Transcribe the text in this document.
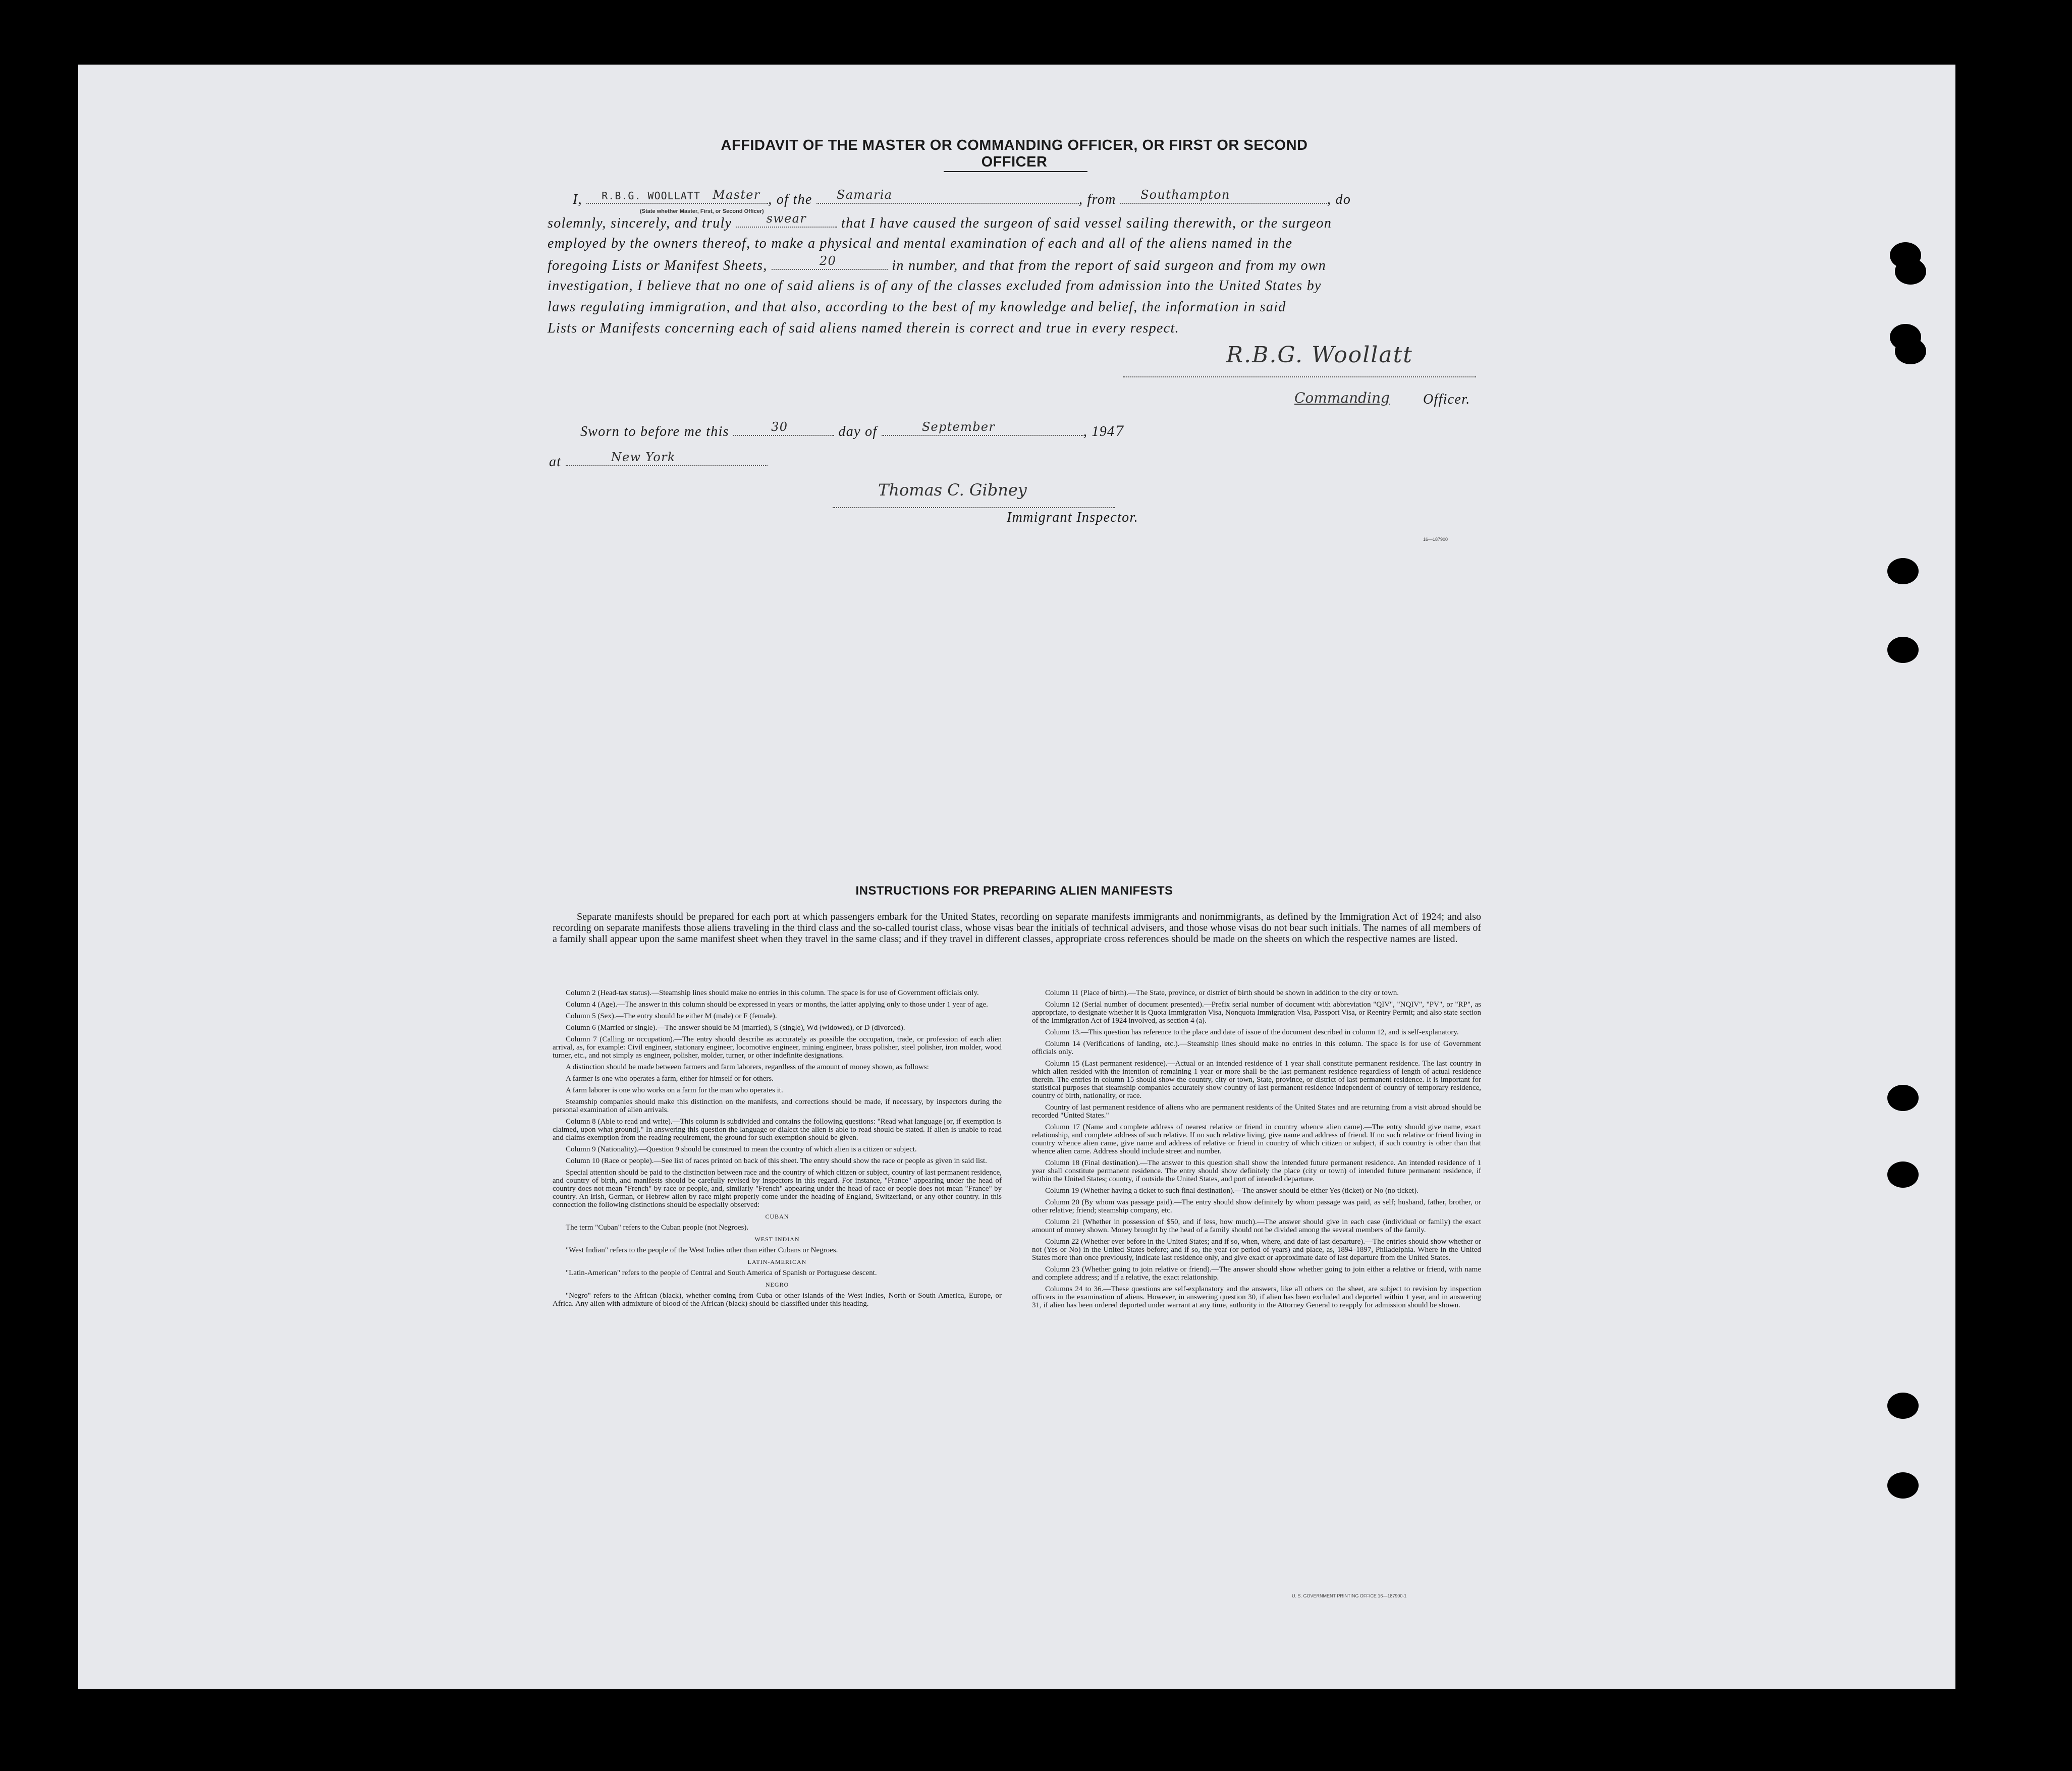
AFFIDAVIT OF THE MASTER OR COMMANDING OFFICER, OR FIRST OR SECOND OFFICER
I, R.B.G. WOOLLATT Master , of the Samaria	, from Southampton	, do
(State whether Master, First, or Second Officer)
solemnly, sincerely, and truly	swear that I have caused the surgeon of said vessel sailing therewith, or the surgeon
employed by the owners thereof, to make a physical and mental examination of each and all of the aliens named in the
foregoing Lists or Manifest Sheets,	20	in number, and that from the report of said surgeon and from my own
investigation, I believe that no one of said aliens is of any of the classes excluded from admission into the United States by
laws regulating immigration, and that also, according to the best of my knowledge and belief, the information in said
Lists or Manifests concerning each of said aliens named therein is correct and true in every respect.
R.B.G. Woollatt
Commanding Officer.
Sworn to before me this	30	day of	September	, 1947
at	New York
Thomas C. Gibney
Immigrant Inspector.
16—187900
INSTRUCTIONS FOR PREPARING ALIEN MANIFESTS
Separate manifests should be prepared for each port at which passengers embark for the United States, recording on separate manifests immigrants and nonimmigrants, as defined by the Immigration Act of 1924; and also recording on separate manifests those aliens traveling in the third class and the so-called tourist class, whose visas bear the initials of technical advisers, and those whose visas do not bear such initials. The names of all members of a family shall appear upon the same manifest sheet when they travel in the same class; and if they travel in different classes, appropriate cross references should be made on the sheets on which the respective names are listed.

Column 2 (Head-tax status).—Steamship lines should make no entries in this column. The space is for use of Government officials only.

Column 4 (Age).—The answer in this column should be expressed in years or months, the latter applying only to those under 1 year of age.

Column 5 (Sex).—The entry should be either M (male) or F (female).

Column 6 (Married or single).—The answer should be M (married), S (single), Wd (widowed), or D (divorced).

Column 7 (Calling or occupation).—The entry should describe as accurately as possible the occupation, trade, or profession of each alien arrival, as, for example: Civil engineer, stationary engineer, locomotive engineer, mining engineer, brass polisher, steel polisher, iron molder, wood turner, etc., and not simply as engineer, polisher, molder, turner, or other indefinite designations.

A distinction should be made between farmers and farm laborers, regardless of the amount of money shown, as follows:

A farmer is one who operates a farm, either for himself or for others.

A farm laborer is one who works on a farm for the man who operates it.

Steamship companies should make this distinction on the manifests, and corrections should be made, if necessary, by inspectors during the personal examination of alien arrivals.

Column 8 (Able to read and write).—This column is subdivided and contains the following questions: "Read what language [or, if exemption is claimed, upon what ground]." In answering this question the language or dialect the alien is able to read should be stated. If alien is unable to read and claims exemption from the reading requirement, the ground for such exemption should be given.

Column 9 (Nationality).—Question 9 should be construed to mean the country of which alien is a citizen or subject.

Column 10 (Race or people).—See list of races printed on back of this sheet. The entry should show the race or people as given in said list.

Special attention should be paid to the distinction between race and the country of which citizen or subject, country of last permanent residence, and country of birth, and manifests should be carefully revised by inspectors in this regard. For instance, "France" appearing under the head of country does not mean "French" by race or people, and, similarly "French" appearing under the head of race or people does not mean "France" by country. An Irish, German, or Hebrew alien by race might properly come under the heading of England, Switzerland, or any other country. In this connection the following distinctions should be especially observed:

CUBAN

The term "Cuban" refers to the Cuban people (not Negroes).

WEST INDIAN

"West Indian" refers to the people of the West Indies other than either Cubans or Negroes.

LATIN-AMERICAN

"Latin-American" refers to the people of Central and South America of Spanish or Portuguese descent.

NEGRO

"Negro" refers to the African (black), whether coming from Cuba or other islands of the West Indies, North or South America, Europe, or Africa. Any alien with admixture of blood of the African (black) should be classified under this heading.

Column 11 (Place of birth).—The State, province, or district of birth should be shown in addition to the city or town.

Column 12 (Serial number of document presented).—Prefix serial number of document with abbreviation "QIV", "NQIV", "PV", or "RP", as appropriate, to designate whether it is Quota Immigration Visa, Nonquota Immigration Visa, Passport Visa, or Reentry Permit; and also state section of the Immigration Act of 1924 involved, as section 4 (a).

Column 13.—This question has reference to the place and date of issue of the document described in column 12, and is self-explanatory.

Column 14 (Verifications of landing, etc.).—Steamship lines should make no entries in this column. The space is for use of Government officials only.

Column 15 (Last permanent residence).—Actual or an intended residence of 1 year shall constitute permanent residence. The last country in which alien resided with the intention of remaining 1 year or more shall be the last permanent residence regardless of length of actual residence therein. The entries in column 15 should show the country, city or town, State, province, or district of last permanent residence. It is important for statistical purposes that steamship companies accurately show country of last permanent residence independent of country of temporary residence, country of birth, nationality, or race.

Country of last permanent residence of aliens who are permanent residents of the United States and are returning from a visit abroad should be recorded "United States."

Column 17 (Name and complete address of nearest relative or friend in country whence alien came).—The entry should give name, exact relationship, and complete address of such relative. If no such relative living, give name and address of friend. If no such relative or friend living in country whence alien came, give name and address of relative or friend in country of which citizen or subject, if such country is other than that whence alien came. Address should include street and number.

Column 18 (Final destination).—The answer to this question shall show the intended future permanent residence. An intended residence of 1 year shall constitute permanent residence. The entry should show definitely the place (city or town) of intended future permanent residence, if within the United States; country, if outside the United States, and port of intended departure.

Column 19 (Whether having a ticket to such final destination).—The answer should be either Yes (ticket) or No (no ticket).

Column 20 (By whom was passage paid).—The entry should show definitely by whom passage was paid, as self; husband, father, brother, or other relative; friend; steamship company, etc.

Column 21 (Whether in possession of $50, and if less, how much).—The answer should give in each case (individual or family) the exact amount of money shown. Money brought by the head of a family should not be divided among the several members of the family.

Column 22 (Whether ever before in the United States; and if so, when, where, and date of last departure).—The entries should show whether or not (Yes or No) in the United States before; and if so, the year (or period of years) and place, as, 1894–1897, Philadelphia. Where in the United States more than once previously, indicate last residence only, and give exact or approximate date of last departure from the United States.

Column 23 (Whether going to join relative or friend).—The answer should show whether going to join either a relative or friend, with name and complete address; and if a relative, the exact relationship.

Columns 24 to 36.—These questions are self-explanatory and the answers, like all others on the sheet, are subject to revision by inspection officers in the examination of aliens. However, in answering question 30, if alien has been excluded and deported within 1 year, and in answering 31, if alien has been ordered deported under warrant at any time, authority in the Attorney General to reapply for admission should be shown.

U. S. GOVERNMENT PRINTING OFFICE 16—187900-1
